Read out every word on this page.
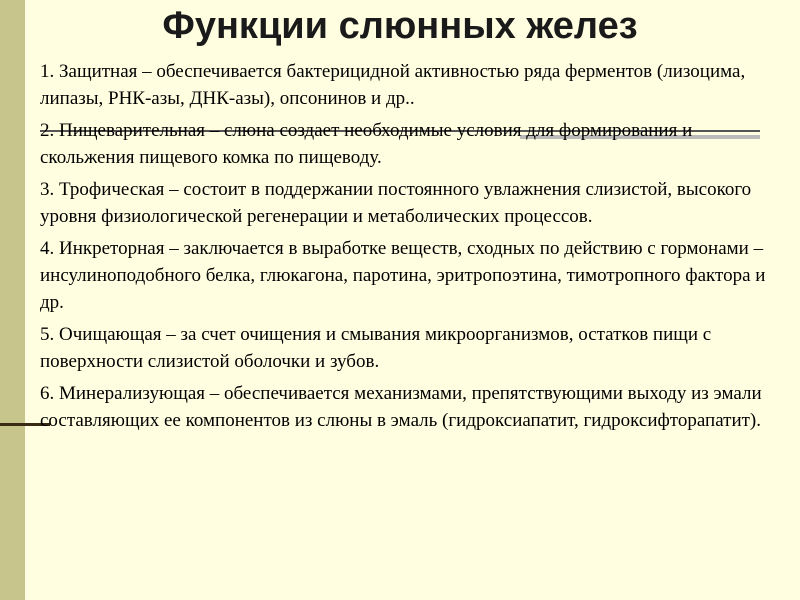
Функции слюнных желез
1. Защитная – обеспечивается бактерицидной активностью ряда ферментов (лизоцима, липазы, РНК-азы, ДНК-азы), опсонинов и др..
2. Пищеварительная – слюна создает необходимые условия для формирования и скольжения пищевого комка по пищеводу.
3. Трофическая – состоит в поддержании постоянного увлажнения слизистой, высокого уровня физиологической регенерации и метаболических процессов.
4. Инкреторная – заключается в выработке веществ, сходных по действию с гормонами – инсулиноподобного белка, глюкагона, паротина, эритропоэтина, тимотропного фактора и др.
5. Очищающая – за счет очищения и смывания микроорганизмов, остатков пищи с поверхности слизистой оболочки и зубов.
6. Минерализующая – обеспечивается механизмами, препятствующими выходу из эмали составляющих ее компонентов из слюны в эмаль (гидроксиапатит, гидроксифторапатит).
